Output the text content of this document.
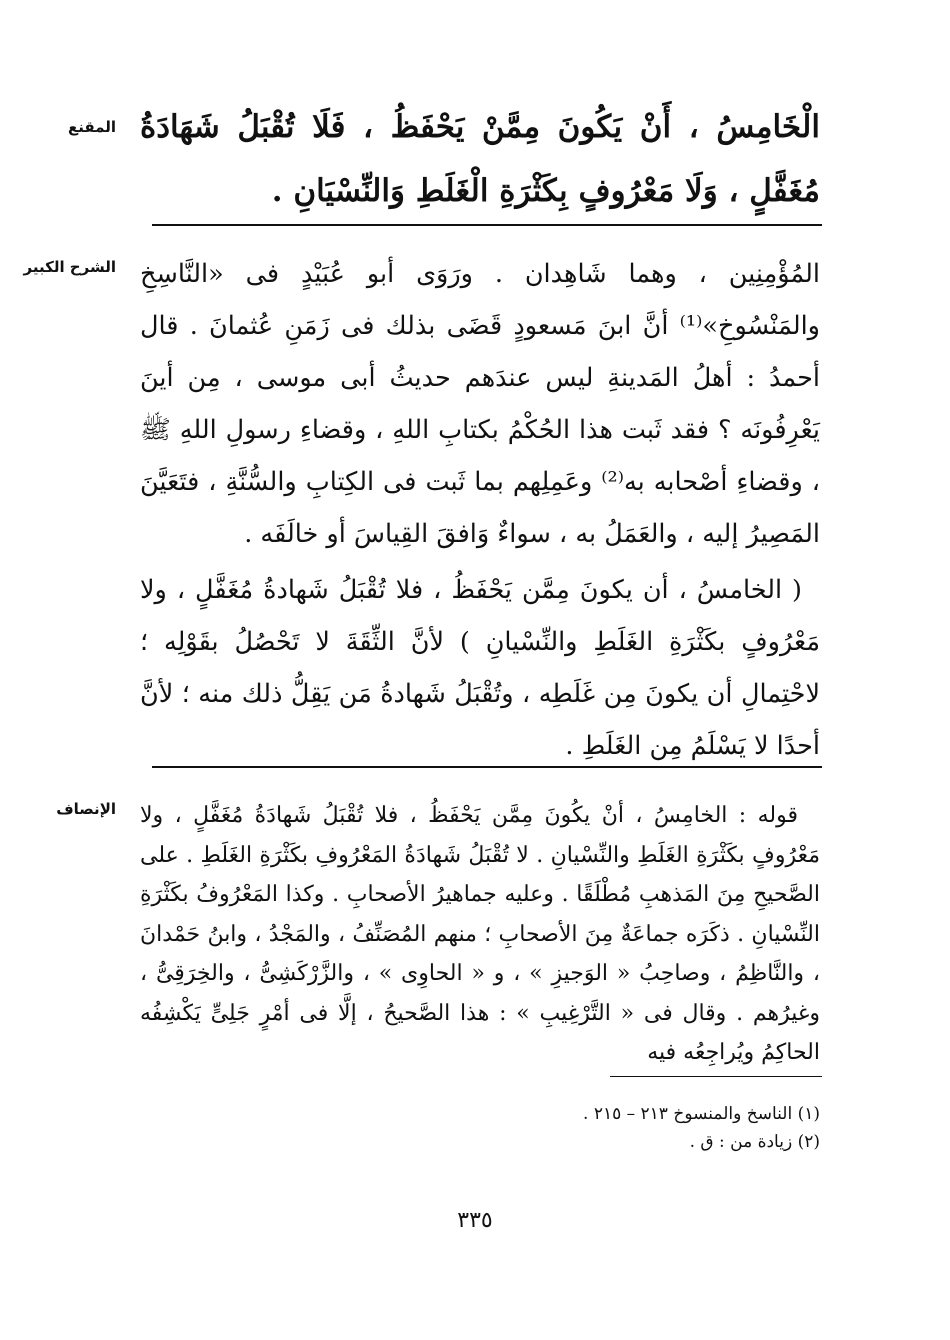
المقنع الْخَامِسُ ، أَنْ يَكُونَ مِمَّنْ يَحْفَظُ ، فَلَا تُقْبَلُ شَهَادَةُ مُغَفَّلٍ ، وَلَا مَعْرُوفٍ بِكَثْرَةِ الْغَلَطِ وَالنِّسْيَانِ .
الشرح الكبير المُؤْمِنِين ، وهما شَاهِدان . ورَوَى أبو عُبَيْدٍ فى «النَّاسِخِ والمَنْسُوخِ»⁽¹⁾ أنَّ ابنَ مَسعودٍ قَضَى بذلك فى زَمَنِ عُثمانَ . قال أحمدُ : أهلُ المَدينةِ ليس عندَهم حديثُ أبى موسى ، مِن أينَ يَعْرِفُونَه ؟ فقد ثَبت هذا الحُكْمُ بكتابِ اللهِ ، وقضاءِ رسولِ اللهِ ﷺ ، وقضاءِ أصْحابه به⁽²⁾ وعَمِلِهم بما ثَبت فى الكِتابِ والسُّنَّةِ ، فتَعَيَّنَ المَصِيرُ إليه ، والعَمَلُ به ، سواءٌ وَافقَ القِياسَ أو خالَفَه .

( الخامسُ ، أن يكونَ مِمَّن يَحْفَظُ ، فلا تُقْبَلُ شَهادةُ مُغَفَّلٍ ، ولا مَعْرُوفٍ بكَثْرَةِ الغَلَطِ والنِّسْيانِ ) لأنَّ الثِّقَةَ لا تَحْصُلُ بقَوْلِه ؛ لاحْتِمالِ أن يكونَ مِن غَلَطِه ، وتُقْبَلُ شَهادةُ مَن يَقِلُّ ذلك منه ؛ لأنَّ أحدًا لا يَسْلَمُ مِن الغَلَطِ .

الإنصاف قوله : الخامِسُ ، أنْ يكُونَ مِمَّن يَحْفَظُ ، فلا تُقْبَلُ شَهادَةُ مُغَفَّلٍ ، ولا مَعْرُوفٍ بكَثْرَةِ الغَلَطِ والنِّسْيانِ . لا تُقْبَلُ شَهادَةُ المَعْرُوفِ بكَثْرَةِ الغَلَطِ . على الصَّحيحِ مِنَ المَذهبِ مُطْلَقًا . وعليه جماهيرُ الأصحابِ . وكذا المَعْرُوفُ بكَثْرَةِ النِّسْيانِ . ذكَرَه جماعَةٌ مِنَ الأصحابِ ؛ منهم المُصَنِّفُ ، والمَجْدُ ، وابنُ حَمْدانَ ، والنَّاظِمُ ، وصاحِبُ « الوَجيزِ » ، و « الحاوِى » ، والزَّرْكَشِىُّ ، والخِرَقِىُّ ، وغيرُهم . وقال فى « التَّرْغِيبِ » : هذا الصَّحيحُ ، إلَّا فى أمْرٍ جَلِىٍّ يَكْشِفُه الحاكِمُ ويُراجِعُه فيه

(١) الناسخ والمنسوخ ٢١٣ – ٢١٥ .
(٢) زيادة من : ق .
٣٣٥
